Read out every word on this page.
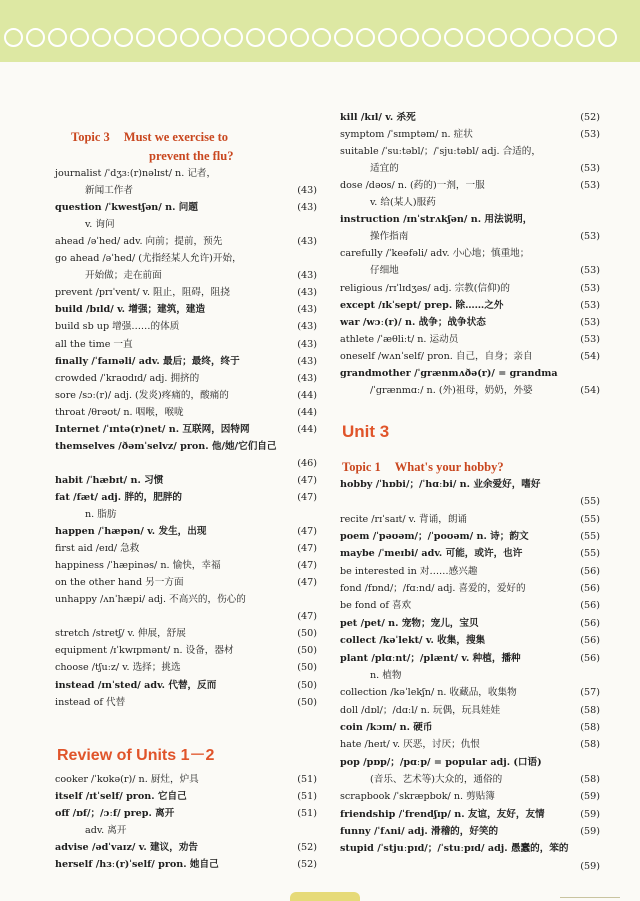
Topic 3 Must we exercise to
prevent the flu?
journalist /ˈdʒɜː(r)nəlɪst/ n. 记者，
新闻工作者	(43)
question /ˈkwestʃən/ n. 问题	(43)
v. 询问
ahead /əˈhed/ adv. 向前；提前，预先	(43)
go ahead /əˈhed/ (尤指经某人允许)开始，
开始做；走在前面	(43)
prevent /prɪˈvent/ v. 阻止，阻碍，阻挠	(43)
build /bɪld/ v. 增强；建筑，建造	(43)
build sb up 增强……的体质	(43)
all the time 一直	(43)
finally /ˈfaɪnəli/ adv. 最后；最终，终于	(43)
crowded /ˈkraʊdɪd/ adj. 拥挤的	(43)
sore /sɔː(r)/ adj. (发炎)疼痛的，酸痛的	(44)
throat /θrəʊt/ n. 咽喉，喉咙	(44)
Internet /ˈɪntə(r)net/ n. 互联网，因特网	(44)
themselves /ðəmˈselvz/ pron. 他/她/它们自己
(46)
habit /ˈhæbɪt/ n. 习惯	(47)
fat /fæt/ adj. 胖的，肥胖的	(47)
n. 脂肪
happen /ˈhæpən/ v. 发生，出现	(47)
first aid /eɪd/ 急救	(47)
happiness /ˈhæpinəs/ n. 愉快，幸福	(47)
on the other hand 另一方面	(47)
unhappy /ʌnˈhæpi/ adj. 不高兴的，伤心的
(47)
stretch /stretʃ/ v. 伸展，舒展	(50)
equipment /ɪˈkwɪpmənt/ n. 设备，器材	(50)
choose /tʃuːz/ v. 选择；挑选	(50)
instead /ɪnˈsted/ adv. 代替，反而	(50)
instead of 代替	(50)
Review of Units 1－2
cooker /ˈkʊkə(r)/ n. 厨灶，炉具	(51)
itself /ɪtˈself/ pron. 它自己	(51)
off /ɒf/；/ɔːf/ prep. 离开	(51)
adv. 离开
advise /ədˈvaɪz/ v. 建议，劝告	(52)
herself /hɜː(r)ˈself/ pron. 她自己	(52)
kill /kɪl/ v. 杀死	(52)
symptom /ˈsɪmptəm/ n. 症状	(53)
suitable /ˈsuːtəbl/；/ˈsjuːtəbl/ adj. 合适的，
适宜的	(53)
dose /dəʊs/ n. (药的)一剂，一服	(53)
v. 给(某人)服药
instruction /ɪnˈstrʌkʃən/ n. 用法说明，
操作指南	(53)
carefully /ˈkeəfəli/ adv. 小心地；慎重地；
仔细地	(53)
religious /rɪˈlɪdʒəs/ adj. 宗教(信仰)的	(53)
except /ɪkˈsept/ prep. 除……之外	(53)
war /wɔː(r)/ n. 战争；战争状态	(53)
athlete /ˈæθliːt/ n. 运动员	(53)
oneself /wʌnˈself/ pron. 自己，自身；亲自	(54)
grandmother /ˈgrænmʌðə(r)/ = grandma
/ˈgrænmɑː/ n. (外)祖母，奶奶，外婆	(54)
Unit 3
Topic 1 What's your hobby?
hobby /ˈhɒbi/；/ˈhɑːbi/ n. 业余爱好，嗜好
(55)
recite /rɪˈsaɪt/ v. 背诵，朗诵	(55)
poem /ˈpəʊəm/；/ˈpoʊəm/ n. 诗；韵文	(55)
maybe /ˈmeɪbi/ adv. 可能，或许，也许	(55)
be interested in 对……感兴趣	(56)
fond /fɒnd/；/fɑːnd/ adj. 喜爱的，爱好的	(56)
be fond of 喜欢	(56)
pet /pet/ n. 宠物；宠儿，宝贝	(56)
collect /kəˈlekt/ v. 收集，搜集	(56)
plant /plɑːnt/；/plænt/ v. 种植，播种	(56)
n. 植物
collection /kəˈlekʃn/ n. 收藏品，收集物	(57)
doll /dɒl/；/dɑːl/ n. 玩偶，玩具娃娃	(58)
coin /kɔɪn/ n. 硬币	(58)
hate /heɪt/ v. 厌恶，讨厌；仇恨	(58)
pop /pɒp/；/pɑːp/ = popular adj. (口语)
(音乐、艺术等)大众的，通俗的	(58)
scrapbook /ˈskræpbʊk/ n. 剪贴簿	(59)
friendship /ˈfrendʃɪp/ n. 友谊，友好，友情	(59)
funny /ˈfʌni/ adj. 滑稽的，好笑的	(59)
stupid /ˈstjuːpɪd/；/ˈstuːpɪd/ adj. 愚蠢的，笨的
(59)
